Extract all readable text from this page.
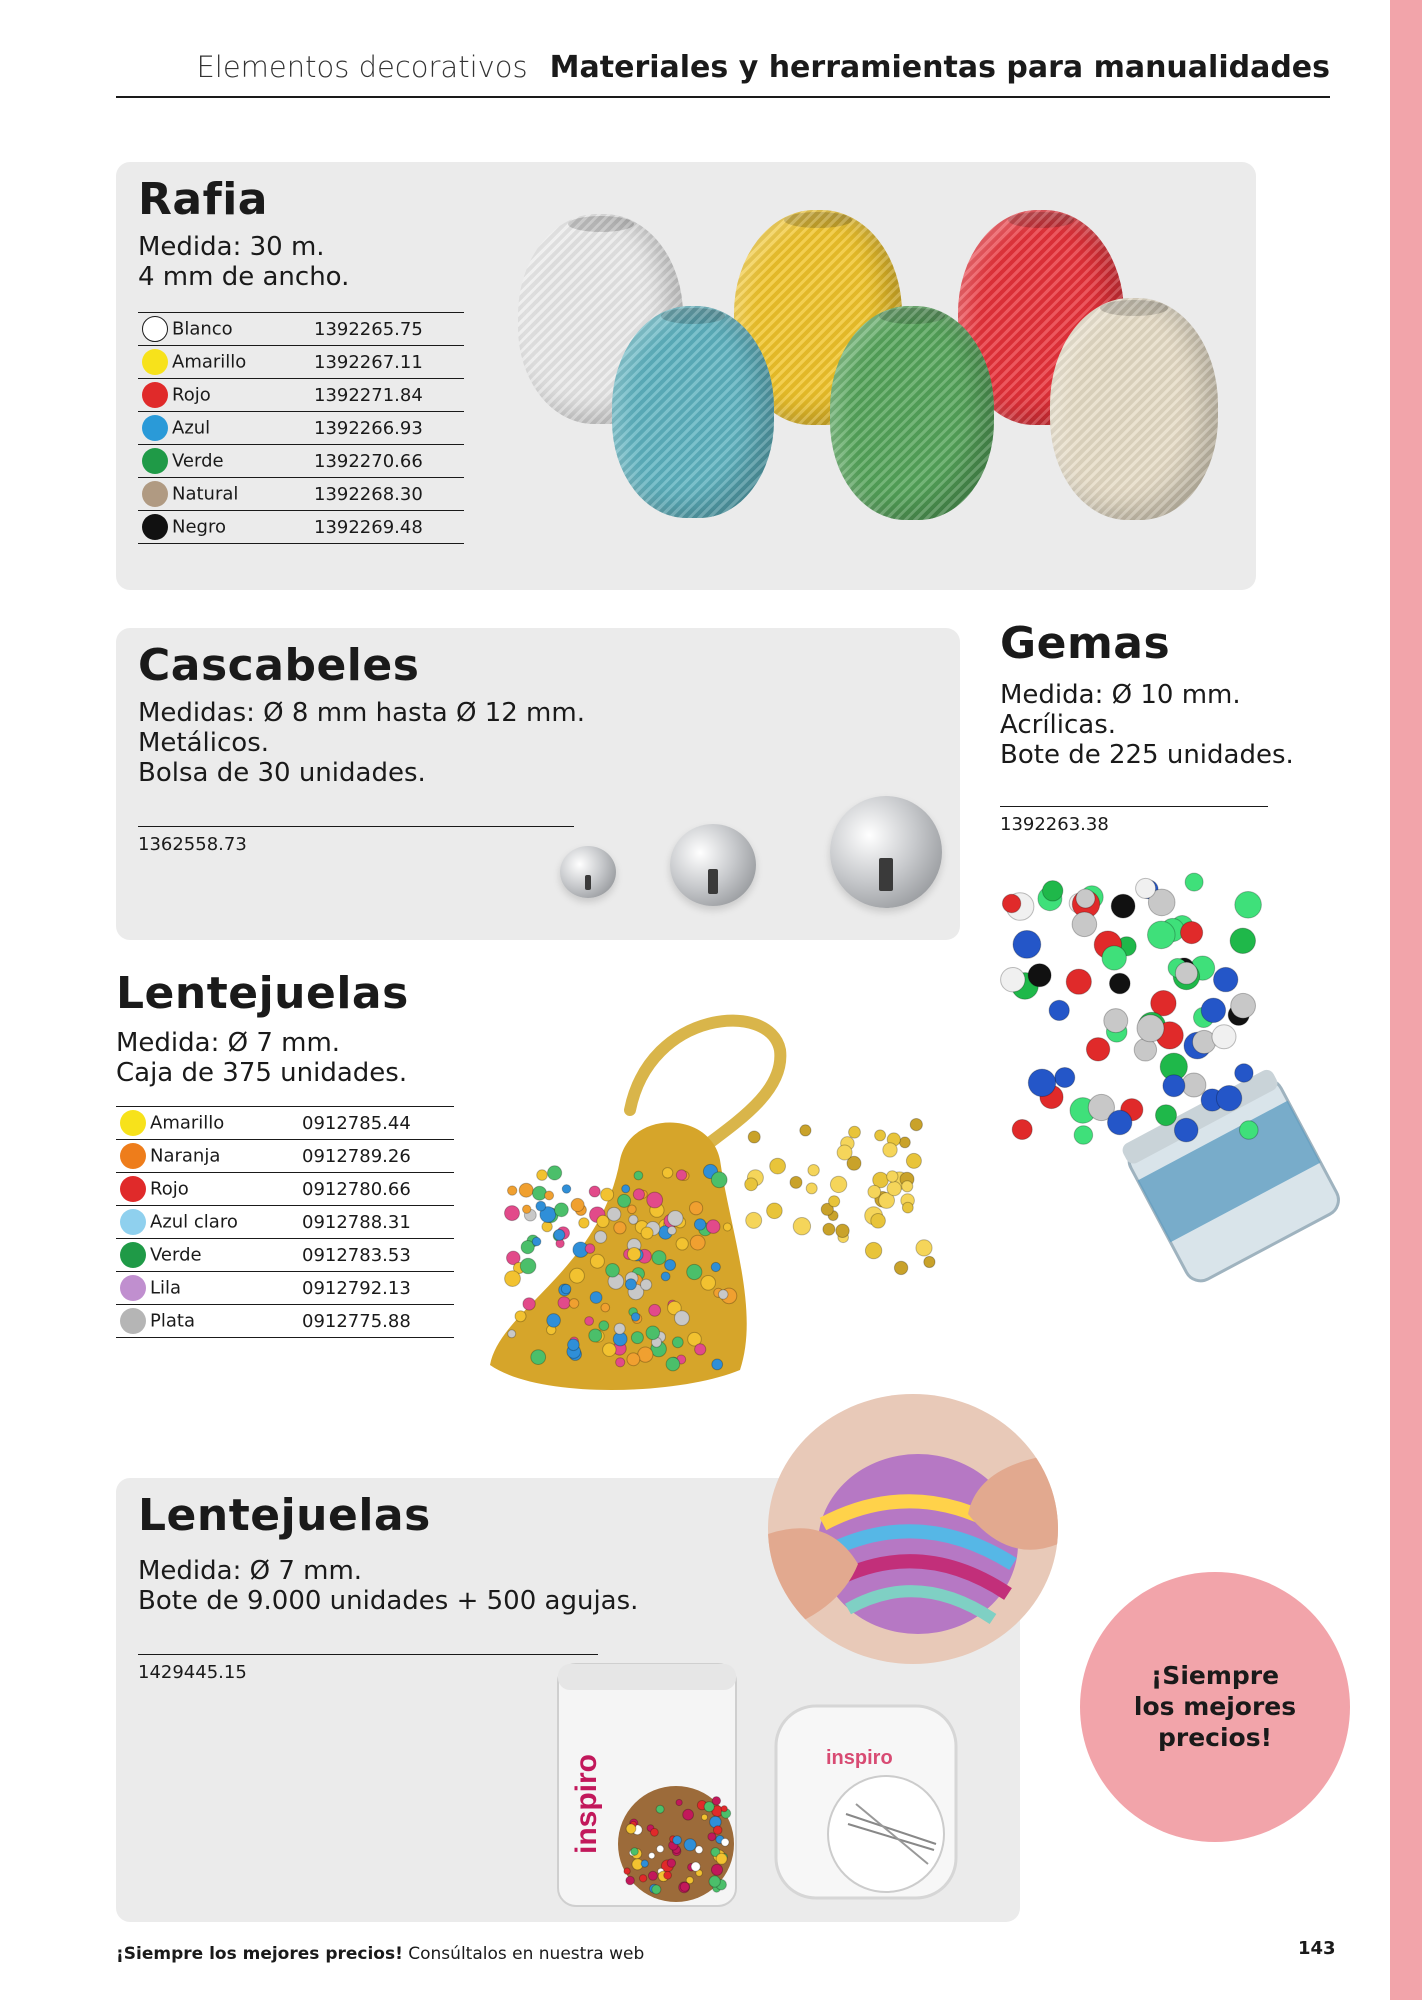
Elementos decorativos Materiales y herramientas para manualidades
Rafia
Medida: 30 m.
4 mm de ancho.
Blanco	1392265.75
Amarillo	1392267.11
Rojo	1392271.84
Azul	1392266.93
Verde	1392270.66
Natural	1392268.30
Negro	1392269.48
Cascabeles
Medidas: Ø 8 mm hasta Ø 12 mm.
Metálicos.
Bolsa de 30 unidades.
1362558.73
Gemas
Medida: Ø 10 mm.
Acrílicas.
Bote de 225 unidades.
1392263.38
Lentejuelas
Medida: Ø 7 mm.
Caja de 375 unidades.
Amarillo	0912785.44
Naranja	0912789.26
Rojo	0912780.66
Azul claro	0912788.31
Verde	0912783.53
Lila	0912792.13
Plata	0912775.88
Lentejuelas
Medida: Ø 7 mm.
Bote de 9.000 unidades + 500 agujas.
1429445.15
inspiro	inspiro
¡Siempre
los mejores
precios!
¡Siempre los mejores precios! Consúltalos en nuestra web	143
